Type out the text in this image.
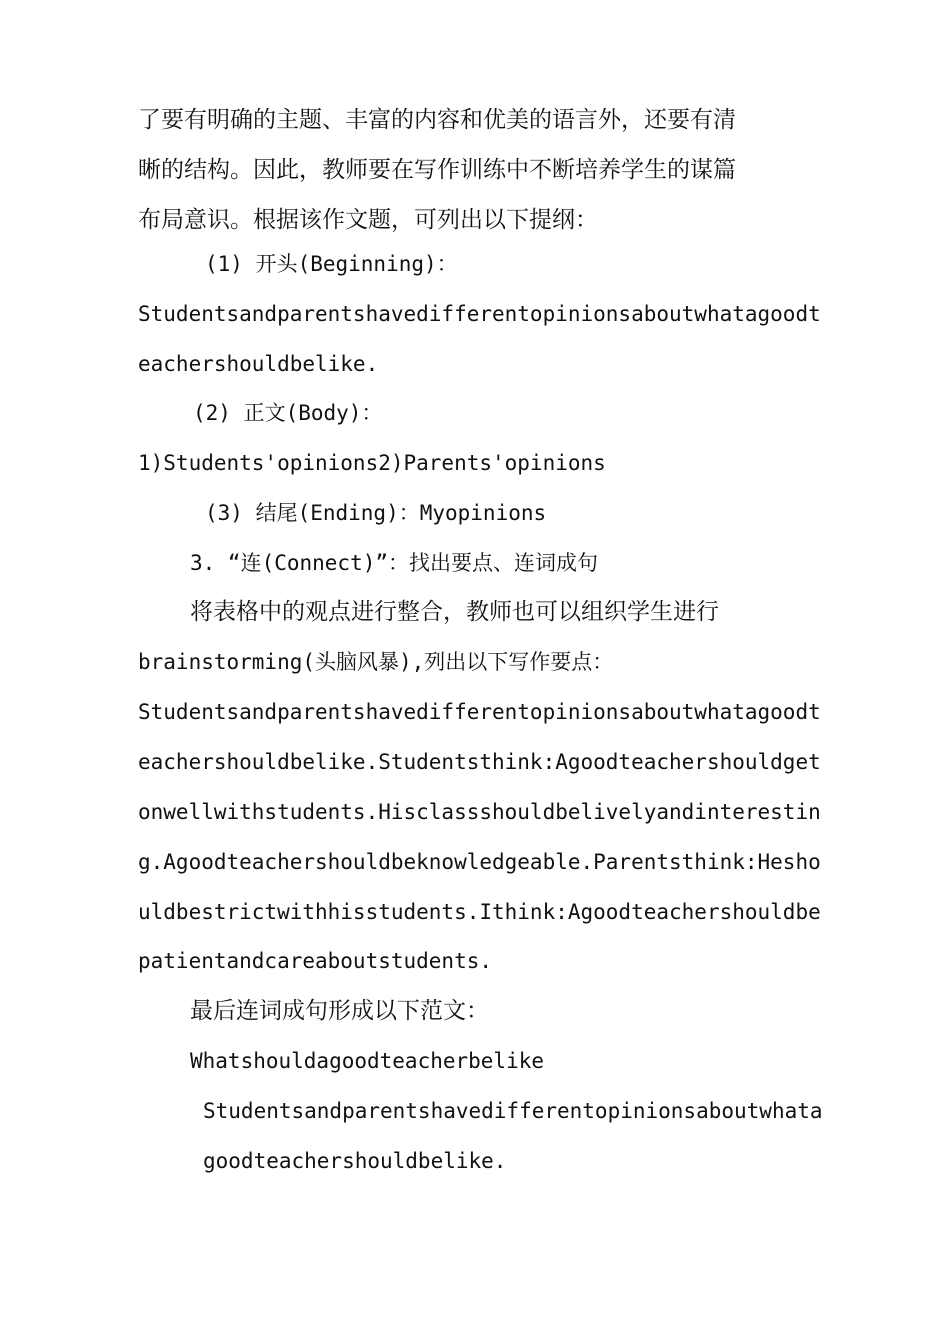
了要有明确的主题、丰富的内容和优美的语言外，还要有清
晰的结构。因此，教师要在写作训练中不断培养学生的谋篇
布局意识。根据该作文题，可列出以下提纲：
(1) 开头(Beginning)：
Studentsandparentshavedifferentopinionsaboutwhatagoodt
eachershouldbelike.
(2) 正文(Body)：
1)Students'opinions2)Parents'opinions
(3) 结尾(Ending)：Myopinions
3. “连(Connect)”：找出要点、连词成句
将表格中的观点进行整合，教师也可以组织学生进行
brainstorming(头脑风暴),列出以下写作要点：
Studentsandparentshavedifferentopinionsaboutwhatagoodt
eachershouldbelike.Studentsthink:Agoodteachershouldget
onwellwithstudents.Hisclassshouldbelivelyandinterestin
g.Agoodteachershouldbeknowledgeable.Parentsthink:Hesho
uldbestrictwithhisstudents.Ithink:Agoodteachershouldbe
patientandcareaboutstudents.
最后连词成句形成以下范文：
Whatshouldagoodteacherbelike
Studentsandparentshavedifferentopinionsaboutwhata
goodteachershouldbelike.
